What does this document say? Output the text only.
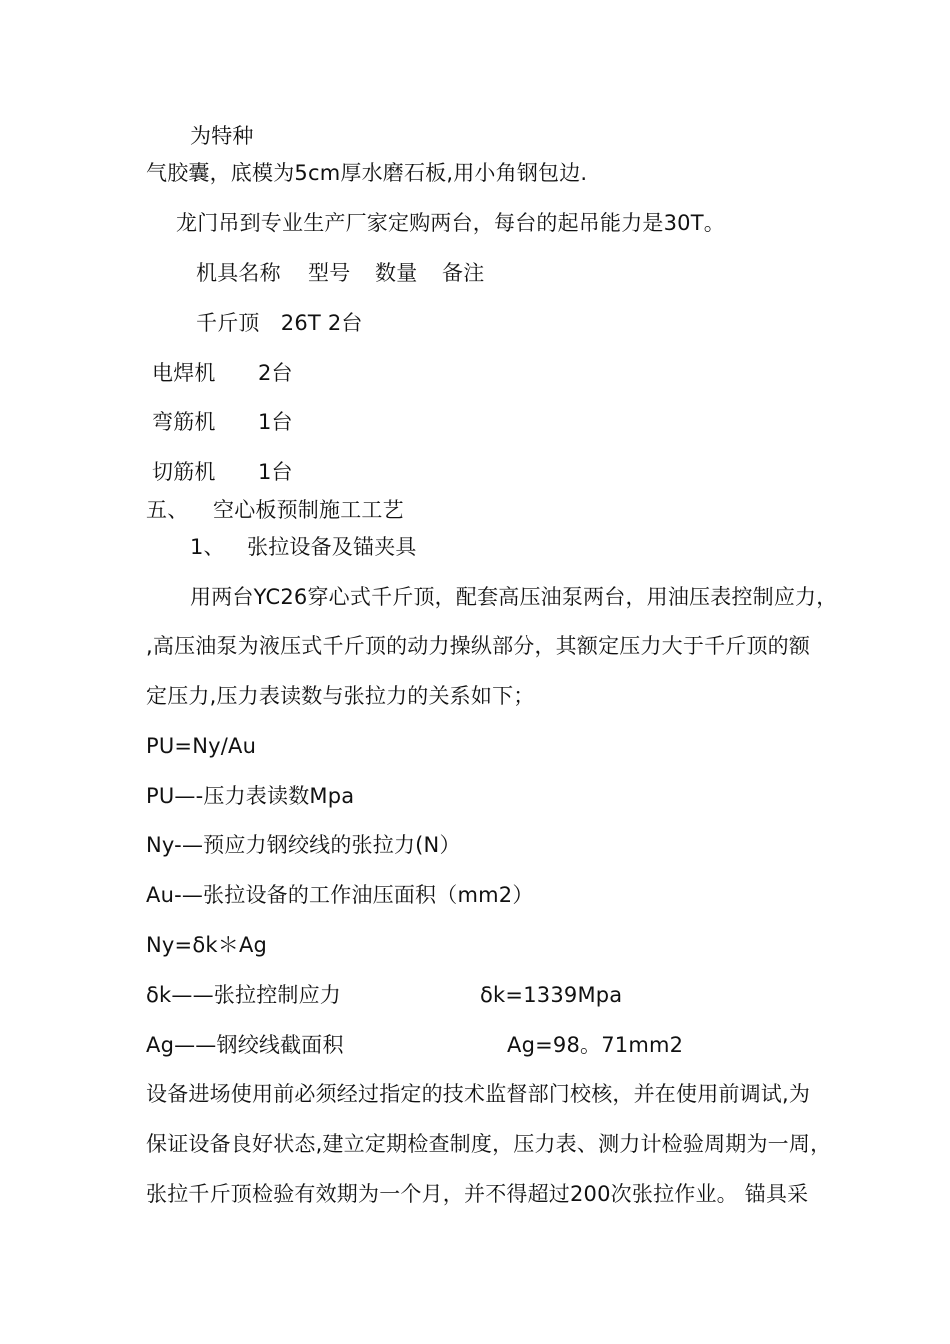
为特种
气胶囊，底模为5cm厚水磨石板,用小角钢包边.
龙门吊到专业生产厂家定购两台，每台的起吊能力是30T。
机具名称 型号 数量 备注
千斤顶　26T 2台
电焊机　　2台
弯筋机　　1台
切筋机　　1台
五、 空心板预制施工工艺
1、 张拉设备及锚夹具
用两台YC26穿心式千斤顶，配套高压油泵两台，用油压表控制应力，
,高压油泵为液压式千斤顶的动力操纵部分，其额定压力大于千斤顶的额
定压力,压力表读数与张拉力的关系如下；
PU=Ny/Au
PU—-压力表读数Mpa
Ny-—预应力钢绞线的张拉力(N）
Au-—张拉设备的工作油压面积（mm2）
Ny=δk＊Ag
δk——张拉控制应力	δk=1339Mpa
Ag——钢绞线截面积	Ag=98。71mm2
设备进场使用前必须经过指定的技术监督部门校核，并在使用前调试,为
保证设备良好状态,建立定期检查制度，压力表、测力计检验周期为一周，
张拉千斤顶检验有效期为一个月，并不得超过200次张拉作业。 锚具采
